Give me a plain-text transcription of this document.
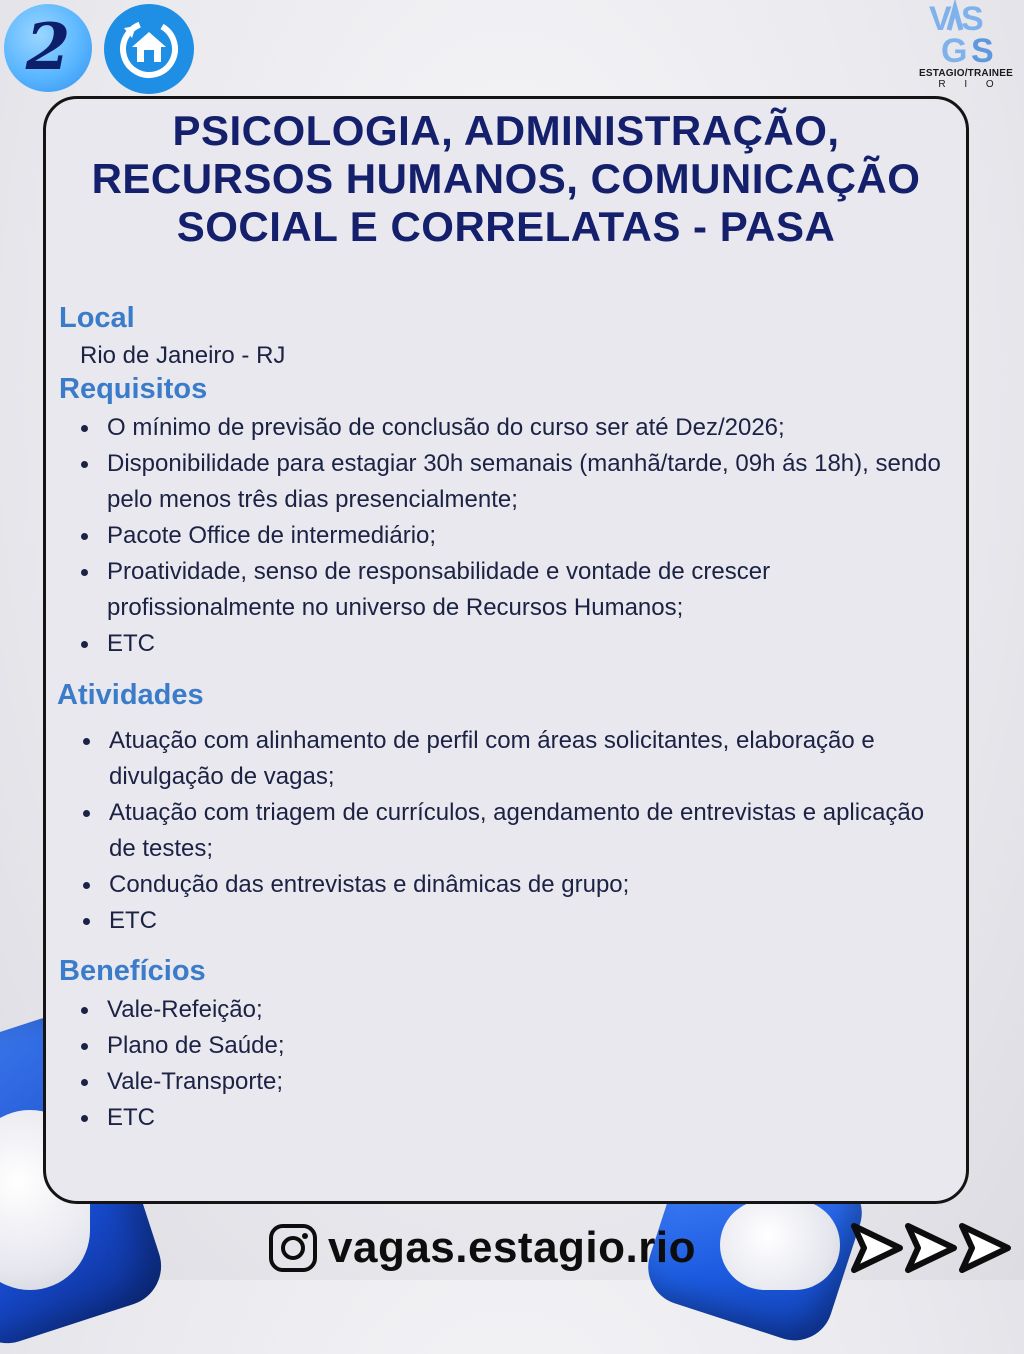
2	V S
G S
ESTAGIO/TRAINEE
R I O
PSICOLOGIA, ADMINISTRAÇÃO,
RECURSOS HUMANOS, COMUNICAÇÃO
SOCIAL E CORRELATAS - PASA
Local
Rio de Janeiro - RJ
Requisitos
O mínimo de previsão de conclusão do curso ser até Dez/2026;
Disponibilidade para estagiar 30h semanais (manhã/tarde, 09h ás 18h), sendo pelo menos três dias presencialmente;
Pacote Office de intermediário;
Proatividade, senso de responsabilidade e vontade de crescer profissionalmente no universo de Recursos Humanos;
ETC
Atividades
Atuação com alinhamento de perfil com áreas solicitantes, elaboração e divulgação de vagas;
Atuação com triagem de currículos, agendamento de entrevistas e aplicação de testes;
Condução das entrevistas e dinâmicas de grupo;
ETC
Benefícios
Vale-Refeição;
Plano de Saúde;
Vale-Transporte;
ETC
vagas.estagio.rio
